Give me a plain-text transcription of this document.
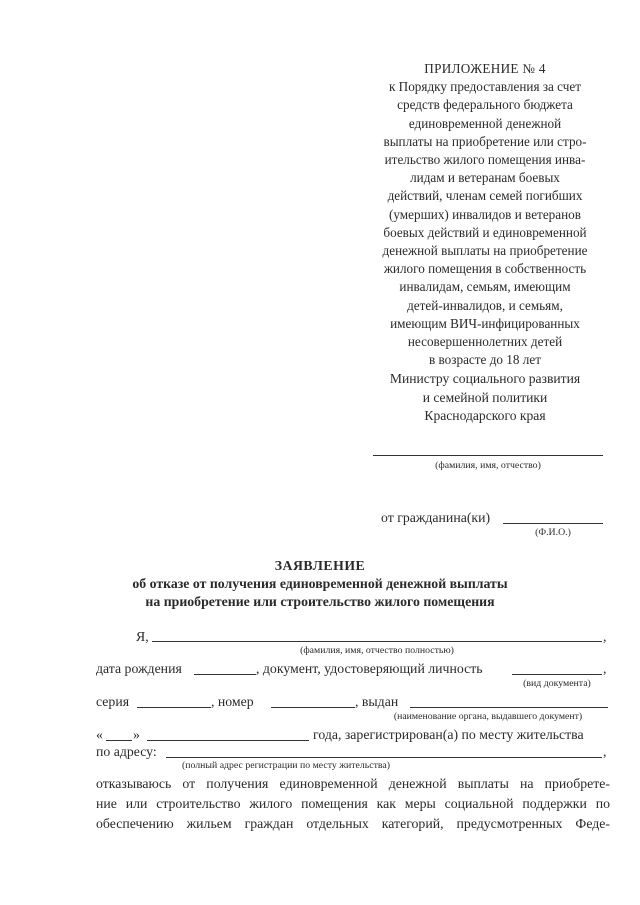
ПРИЛОЖЕНИЕ № 4
к Порядку предоставления за счет
средств федерального бюджета
единовременной денежной
выплаты на приобретение или стро-
ительство жилого помещения инва-
лидам и ветеранам боевых
действий, членам семей погибших
(умерших) инвалидов и ветеранов
боевых действий и единовременной
денежной выплаты на приобретение
жилого помещения в собственность
инвалидам, семьям, имеющим
детей-инвалидов, и семьям,
имеющим ВИЧ-инфицированных
несовершеннолетних детей
в возрасте до 18 лет
Министру социального развития
и семейной политики
Краснодарского края
(фамилия, имя, отчество)
от гражданина(ки)
(Ф.И.О.)
ЗАЯВЛЕНИЕ
об отказе от получения единовременной денежной выплаты
на приобретение или строительство жилого помещения
Я,	,
(фамилия, имя, отчество полностью)
дата рождения	, документ, удостоверяющий личность	,
(вид документа)
серия	, номер	, выдан
(наименование органа, выдавшего документ)
« »	года, зарегистрирован(а) по месту жительства
по адресу:	,
(полный адрес регистрации по месту жительства)
отказываюсь от получения единовременной денежной выплаты на приобрете-
ние или строительство жилого помещения как меры социальной поддержки по
обеспечению жильем граждан отдельных категорий, предусмотренных Феде-
